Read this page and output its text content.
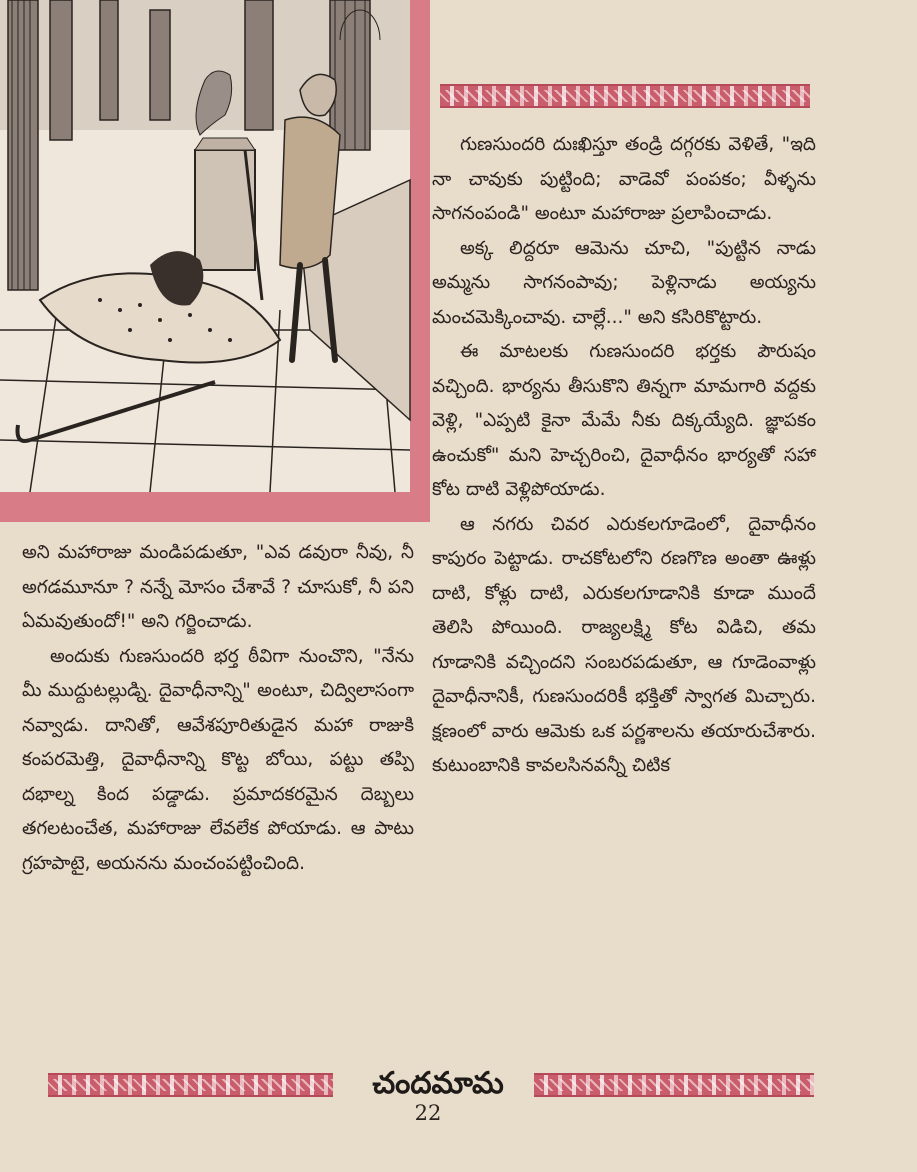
గుణసుందరి దుఃఖిస్తూ తండ్రి దగ్గరకు వెళితే, "ఇది నా చావుకు పుట్టింది; వాడెవో పంపకం; వీళ్ళను సాగనంపండి" అంటూ మహారాజు ప్రలాపించాడు.

అక్క లిద్దరూ ఆమెను చూచి, "పుట్టిన నాడు అమ్మను సాగనంపావు; పెళ్లినాడు అయ్యను మంచమెక్కించావు. చాల్లే..." అని కసిరికొట్టారు.

ఈ మాటలకు గుణసుందరి భర్తకు పౌరుషం వచ్చింది. భార్యను తీసుకొని తిన్నగా మామగారి వద్దకు వెళ్లి, "ఎప్పటి కైనా మేమే నీకు దిక్కయ్యేది. జ్ఞాపకం ఉంచుకో" మని హెచ్చరించి, దైవాధీనం భార్యతో సహా కోట దాటి వెళ్లిపోయాడు.

ఆ నగరు చివర ఎరుకలగూడెంలో, దైవాధీనం కాపురం పెట్టాడు. రాచకోటలోని రణగొణ అంతా ఊళ్లు దాటి, కోళ్లు దాటి, ఎరుకలగూడానికి కూడా ముందే తెలిసి పోయింది. రాజ్యలక్ష్మి కోట విడిచి, తమ గూడానికి వచ్చిందని సంబరపడుతూ, ఆ గూడెంవాళ్లు దైవాధీనానికీ, గుణసుందరికీ భక్తితో స్వాగత మిచ్చారు. క్షణంలో వారు ఆమెకు ఒక పర్ణశాలను తయారుచేశారు. కుటుంబానికి కావలసినవన్నీ చిటిక

అని మహారాజు మండిపడుతూ, "ఎవ డవురా నీవు, నీ అగడమూనూ ? నన్నే మోసం చేశావే ? చూసుకో, నీ పని ఏమవుతుందో!" అని గర్జించాడు.

అందుకు గుణసుందరి భర్త ఠీవిగా నుంచొని, "నేను మీ ముద్దుటల్లుడ్ని. దైవాధీనాన్ని" అంటూ, చిద్విలాసంగా నవ్వాడు. దానితో, ఆవేశపూరితుడైన మహా రాజుకి కంపరమెత్తి, దైవాధీనాన్ని కొట్ట బోయి, పట్టు తప్పి దభాల్న కింద పడ్డాడు. ప్రమాదకరమైన దెబ్బలు తగలటంచేత, మహారాజు లేవలేక పోయాడు. ఆ పాటు గ్రహపాటై, అయనను మంచంపట్టించింది.

చందమామ
22
